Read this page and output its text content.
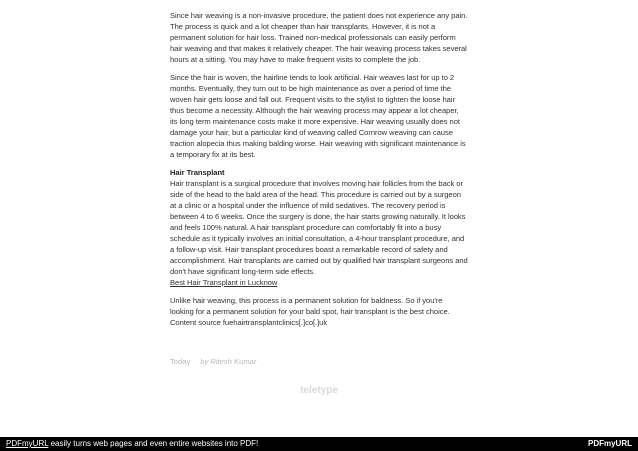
Since hair weaving is a non-invasive procedure, the patient does not experience any pain. The process is quick and a lot cheaper than hair transplants. However, it is not a permanent solution for hair loss. Trained non-medical professionals can easily perform hair weaving and that makes it relatively cheaper. The hair weaving process takes several hours at a sitting. You may have to make frequent visits to complete the job.

Since the hair is woven, the hairline tends to look artificial. Hair weaves last for up to 2 months. Eventually, they turn out to be high maintenance as over a period of time the woven hair gets loose and fall out. Frequent visits to the stylist to tighten the loose hair thus become a necessity. Although the hair weaving process may appear a lot cheaper, its long term maintenance costs make it more expensive. Hair weaving usually does not damage your hair, but a particular kind of weaving called Cornrow weaving can cause traction alopecia thus making balding worse. Hair weaving with significant maintenance is a temporary fix at its best.

Hair Transplant
Hair transplant is a surgical procedure that involves moving hair follicles from the back or side of the head to the bald area of the head. This procedure is carried out by a surgeon at a clinic or a hospital under the influence of mild sedatives. The recovery period is between 4 to 6 weeks. Once the surgery is done, the hair starts growing naturally. It looks and feels 100% natural. A hair transplant procedure can comfortably fit into a busy schedule as it typically involves an initial consultation, a 4-hour transplant procedure, and a follow-up visit. Hair transplant procedures boast a remarkable record of safety and accomplishment. Hair transplants are carried out by qualified hair transplant surgeons and don't have significant long-term side effects.
Best Hair Transplant in Lucknow

Unlike hair weaving, this process is a permanent solution for baldness. So if you're looking for a permanent solution for your bald spot, hair transplant is the best choice. Content source fuehairtransplantclinics[.]co[.]uk

Today by Ritesh Kumar
teletype
PDFmyURL easily turns web pages and even entire websites into PDF!	PDFmyURL
